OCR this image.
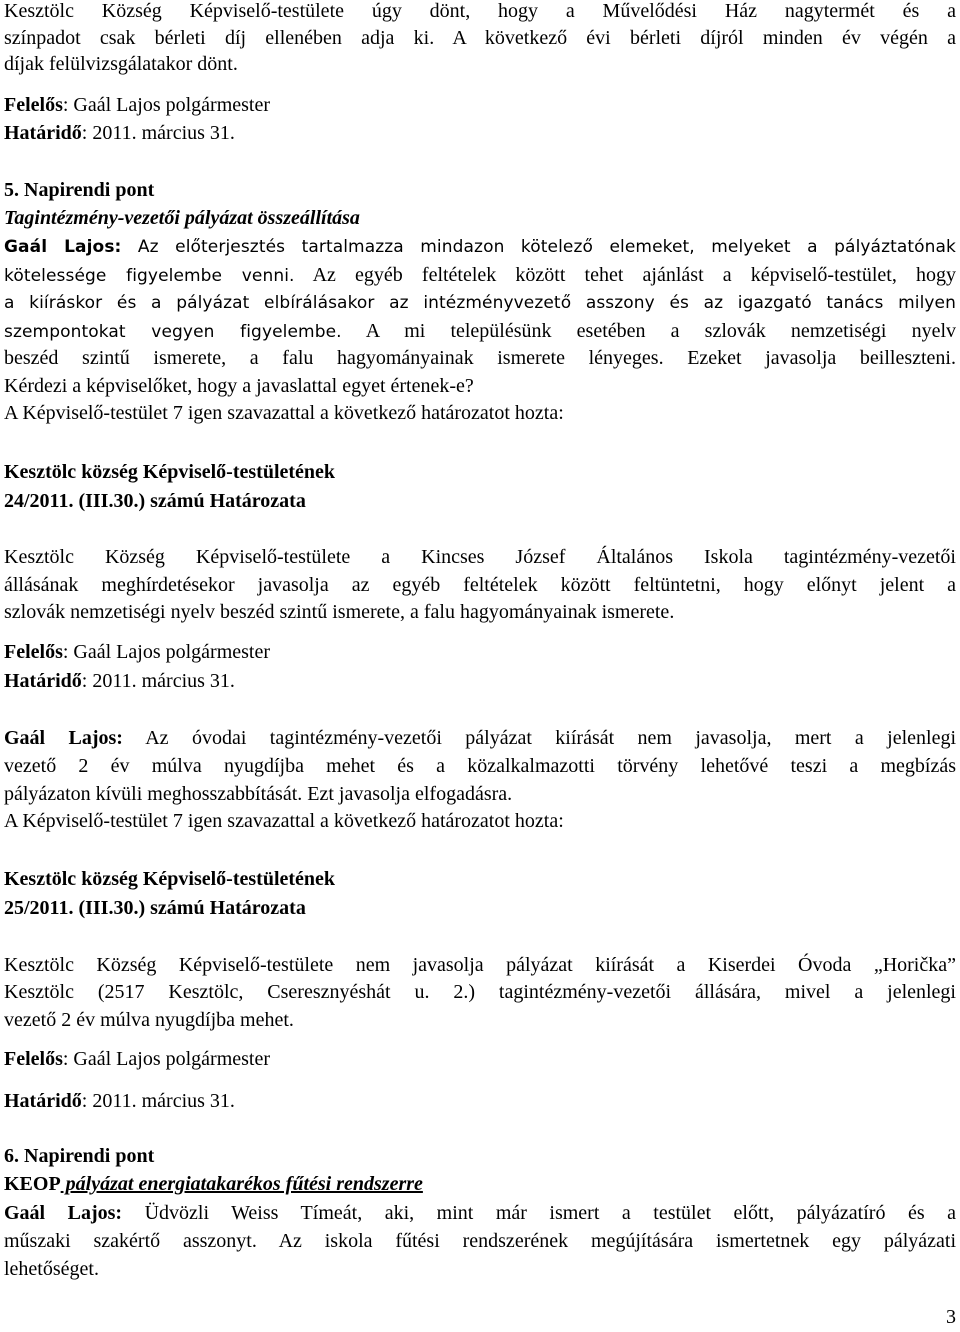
Kesztölc Község Képviselő-testülete úgy dönt, hogy a Művelődési Ház nagytermét és a
színpadot csak bérleti díj ellenében adja ki. A következő évi bérleti díjról minden év végén a
díjak felülvizsgálatakor dönt.
Felelős: Gaál Lajos polgármester
Határidő: 2011. március 31.
5. Napirendi pont
Tagintézmény-vezetői pályázat összeállítása
Gaál Lajos: Az előterjesztés tartalmazza mindazon kötelező elemeket, melyeket a pályáztatónak
kötelessége figyelembe venni. Az egyéb feltételek között tehet ajánlást a képviselő-testület, hogy
a kiíráskor és a pályázat elbírálásakor az intézményvezető asszony és az igazgató tanács milyen
szempontokat vegyen figyelembe. A mi településünk esetében a szlovák nemzetiségi nyelv
beszéd szintű ismerete, a falu hagyományainak ismerete lényeges. Ezeket javasolja beilleszteni.
Kérdezi a képviselőket, hogy a javaslattal egyet értenek-e?
A Képviselő-testület 7 igen szavazattal a következő határozatot hozta:
Kesztölc község Képviselő-testületének
24/2011. (III.30.) számú Határozata
Kesztölc Község Képviselő-testülete a Kincses József Általános Iskola tagintézmény-vezetői
állásának meghírdetésekor javasolja az egyéb feltételek között feltüntetni, hogy előnyt jelent a
szlovák nemzetiségi nyelv beszéd szintű ismerete, a falu hagyományainak ismerete.
Felelős: Gaál Lajos polgármester
Határidő: 2011. március 31.
Gaál Lajos: Az óvodai tagintézmény-vezetői pályázat kiírását nem javasolja, mert a jelenlegi
vezető 2 év múlva nyugdíjba mehet és a közalkalmazotti törvény lehetővé teszi a megbízás
pályázaton kívüli meghosszabbítását. Ezt javasolja elfogadásra.
A Képviselő-testület 7 igen szavazattal a következő határozatot hozta:
Kesztölc község Képviselő-testületének
25/2011. (III.30.) számú Határozata
Kesztölc Község Képviselő-testülete nem javasolja pályázat kiírását a Kiserdei Óvoda „Horička”
Kesztölc (2517 Kesztölc, Cseresznyéshát u. 2.) tagintézmény-vezetői állására, mivel a jelenlegi
vezető 2 év múlva nyugdíjba mehet.
Felelős: Gaál Lajos polgármester
Határidő: 2011. március 31.
6. Napirendi pont
KEOP pályázat energiatakarékos fűtési rendszerre
Gaál Lajos: Üdvözli Weiss Tímeát, aki, mint már ismert a testület előtt, pályázatíró és a
műszaki szakértő asszonyt. Az iskola fűtési rendszerének megújítására ismertetnek egy pályázati
lehetőséget.
3
